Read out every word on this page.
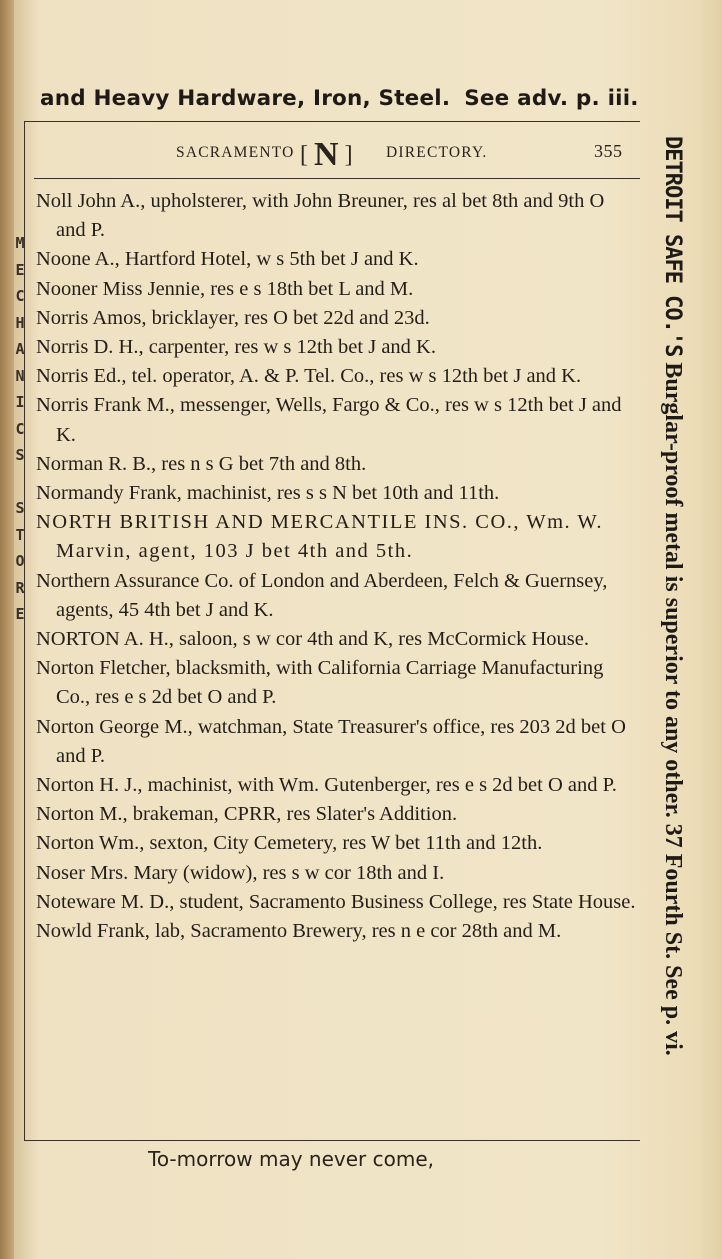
M
E
C
H
A
N
I
C
S

S
T
O
R
E
and Heavy Hardware, Iron, Steel. See adv. p. iii.
SACRAMENTO [ N ] DIRECTORY.	355

Noll John A., upholsterer, with John Breuner, res al bet 8th and 9th O and P.

Noone A., Hartford Hotel, w s 5th bet J and K.

Nooner Miss Jennie, res e s 18th bet L and M.

Norris Amos, bricklayer, res O bet 22d and 23d.

Norris D. H., carpenter, res w s 12th bet J and K.

Norris Ed., tel. operator, A. & P. Tel. Co., res w s 12th bet J and K.

Norris Frank M., messenger, Wells, Fargo & Co., res w s 12th bet J and K.

Norman R. B., res n s G bet 7th and 8th.

Normandy Frank, machinist, res s s N bet 10th and 11th.

NORTH BRITISH AND MERCANTILE INS. CO., Wm. W. Marvin, agent, 103 J bet 4th and 5th.

Northern Assurance Co. of London and Aberdeen, Felch & Guernsey, agents, 45 4th bet J and K.

NORTON A. H., saloon, s w cor 4th and K, res McCormick House.

Norton Fletcher, blacksmith, with California Carriage Manufacturing Co., res e s 2d bet O and P.

Norton George M., watchman, State Treasurer's office, res 203 2d bet O and P.

Norton H. J., machinist, with Wm. Gutenberger, res e s 2d bet O and P.

Norton M., brakeman, CPRR, res Slater's Addition.

Norton Wm., sexton, City Cemetery, res W bet 11th and 12th.

Noser Mrs. Mary (widow), res s w cor 18th and I.

Noteware M. D., student, Sacramento Business College, res State House.

Nowld Frank, lab, Sacramento Brewery, res n e cor 28th and M.

To-morrow may never come,
DETROIT SAFE CO.'S Burglar-proof metal is superior to any other. 37 Fourth St. See p. vi.
